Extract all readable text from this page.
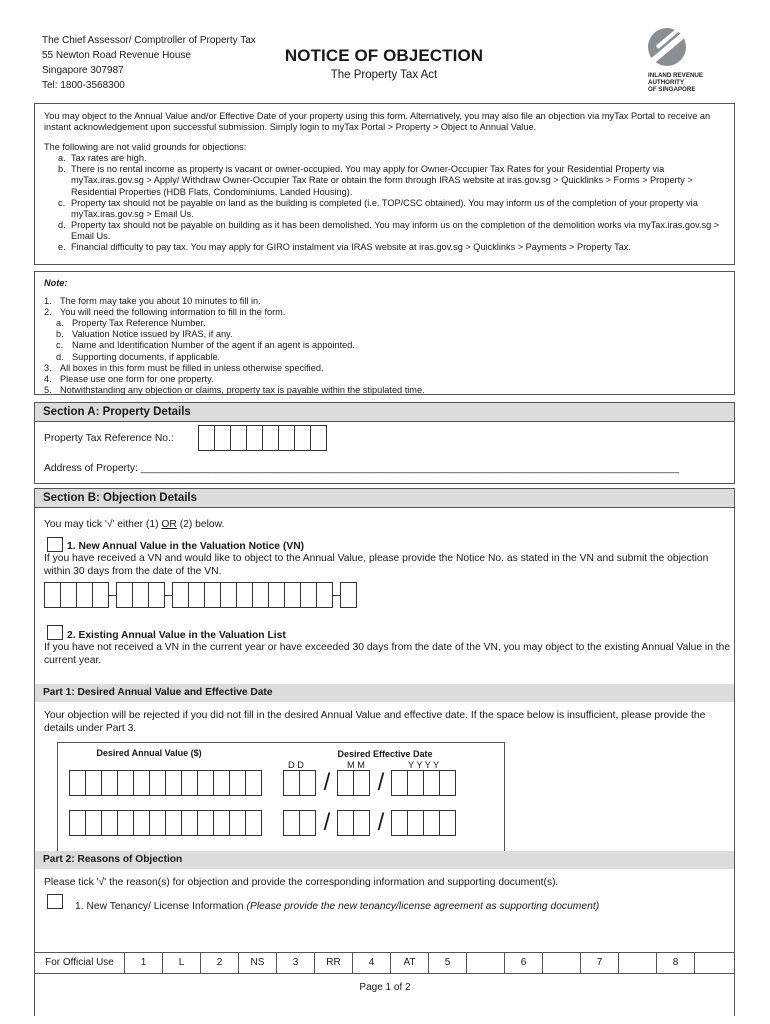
The Chief Assessor/ Comptroller of Property Tax
55 Newton Road Revenue House
Singapore 307987
Tel: 1800-3568300
NOTICE OF OBJECTION
The Property Tax Act	INLAND REVENUE
AUTHORITY
OF SINGAPORE

You may object to the Annual Value and/or Effective Date of your property using this form. Alternatively, you may also file an objection via myTax Portal to receive an instant acknowledgement upon successful submission. Simply login to myTax Portal > Property > Object to Annual Value.

The following are not valid grounds for objections:
a. Tax rates are high.
b. There is no rental income as property is vacant or owner-occupied. You may apply for Owner-Occupier Tax Rates for your Residential Property via myTax.iras.gov.sg > Apply/ Withdraw Owner-Occupier Tax Rate or obtain the form through IRAS website at iras.gov.sg > Quicklinks > Forms > Property > Residential Properties (HDB Flats, Condominiums, Landed Housing).
c. Property tax should not be payable on land as the building is completed (i.e. TOP/CSC obtained). You may inform us of the completion of your property via myTax.iras.gov.sg > Email Us.
d. Property tax should not be payable on building as it has been demolished. You may inform us on the completion of the demolition works via myTax.iras.gov.sg > Email Us.
e. Financial difficulty to pay tax. You may apply for GIRO instalment via IRAS website at iras.gov.sg > Quicklinks > Payments > Property Tax.
Note:
1. The form may take you about 10 minutes to fill in.
2. You will need the following information to fill in the form.
a. Property Tax Reference Number.
b. Valuation Notice issued by IRAS, if any.
c. Name and Identification Number of the agent if an agent is appointed.
d. Supporting documents, if applicable.
3. All boxes in this form must be filled in unless otherwise specified.
4. Please use one form for one property.
5. Notwithstanding any objection or claims, property tax is payable within the stipulated time.
Section A: Property Details
Property Tax Reference No.:
Address of Property: ______________________________________________________________________________________________
Section B: Objection Details
You may tick '√' either (1) OR (2) below.
1. New Annual Value in the Valuation Notice (VN)
If you have received a VN and would like to object to the Annual Value, please provide the Notice No. as stated in the VN and submit the objection within 30 days from the date of the VN.
2. Existing Annual Value in the Valuation List
If you have not received a VN in the current year or have exceeded 30 days from the date of the VN, you may object to the existing Annual Value in the current year.
Part 1: Desired Annual Value and Effective Date
Your objection will be rejected if you did not fill in the desired Annual Value and effective date. If the space below is insufficient, please provide the details under Part 3.
Desired Annual Value ($)	Desired Effective Date
D D	M M	Y Y Y Y
/	/
/	/
Part 2: Reasons of Objection
Please tick '√' the reason(s) for objection and provide the corresponding information and supporting document(s).
1. New Tenancy/ License Information (Please provide the new tenancy/license agreement as supporting document)
For Official Use	1	L	2	NS	3	RR	4	AT	5	6	7	8
Page 1 of 2
